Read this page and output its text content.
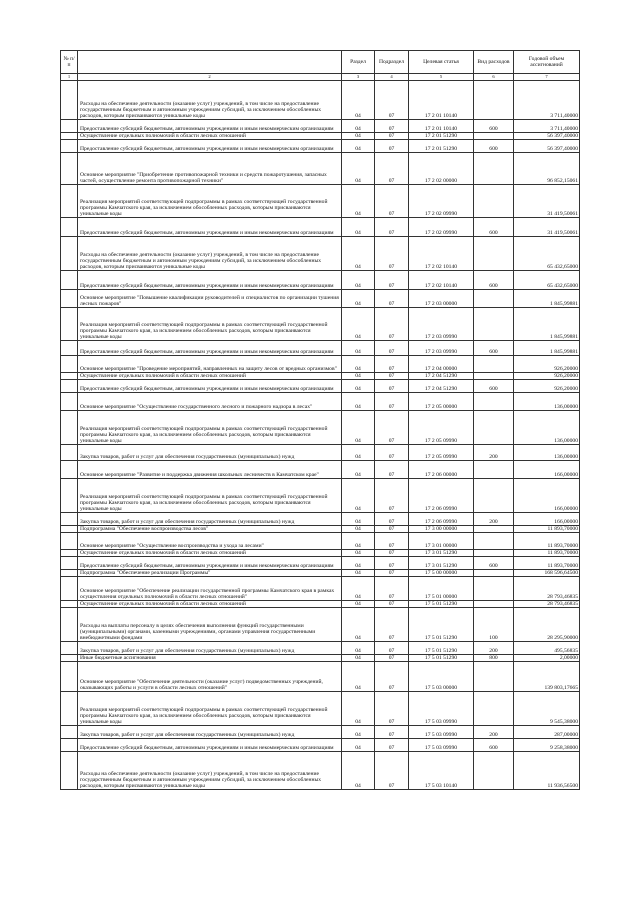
№ п/п		Раздел	Подраздел	Целевая статья	Вид расходов	Годовой объем ассигнований
1	2	3	4	5	6	7
	Расходы на обеспечение деятельности (оказание услуг) учреждений, в том числе на предоставление государственным бюджетным и автономным учреждениям субсидий, за исключением обособленных расходов, которым присваиваются уникальные коды	04	07	17 2 01 10140		3 711,40000
	Предоставление субсидий бюджетным, автономным учреждениям и иным некоммерческим организациям	04	07	17 2 01 10140	600	3 711,40000
	Осуществление отдельных полномочий в области лесных отношений	04	07	17 2 01 51290		56 397,40000
	Предоставление субсидий бюджетным, автономным учреждениям и иным некоммерческим организациям	04	07	17 2 01 51290	600	56 397,40000
	Основное мероприятие "Приобретение противопожарной техники и средств пожаротушения, запасных частей, осуществление ремонта противопожарной техники"	04	07	17 2 02 00000		96 852,15061
	Реализация мероприятий соответствующей подпрограммы в рамках соответствующей государственной программы Камчатского края, за исключением обособленных расходов, которым присваиваются уникальные коды	04	07	17 2 02 09990		31 419,50061
	Предоставление субсидий бюджетным, автономным учреждениям и иным некоммерческим организациям	04	07	17 2 02 09990	600	31 419,50061
	Расходы на обеспечение деятельности (оказание услуг) учреждений, в том числе на предоставление государственным бюджетным и автономным учреждениям субсидий, за исключением обособленных расходов, которым присваиваются уникальные коды	04	07	17 2 02 10140		65 432,65000
	Предоставление субсидий бюджетным, автономным учреждениям и иным некоммерческим организациям	04	07	17 2 02 10140	600	65 432,65000
	Основное мероприятие "Повышение квалификации руководителей и специалистов по организации тушения лесных пожаров"	04	07	17 2 03 00000		1 845,99881
	Реализация мероприятий соответствующей подпрограммы в рамках соответствующей государственной программы Камчатского края, за исключением обособленных расходов, которым присваиваются уникальные коды	04	07	17 2 03 09990		1 845,99881
	Предоставление субсидий бюджетным, автономным учреждениям и иным некоммерческим организациям	04	07	17 2 03 09990	600	1 845,99881
	Основное мероприятие "Проведение мероприятий, направленных на защиту лесов от вредных организмов"	04	07	17 2 04 00000		926,20000
	Осуществление отдельных полномочий в области лесных отношений	04	07	17 2 04 51290		926,20000
	Предоставление субсидий бюджетным, автономным учреждениям и иным некоммерческим организациям	04	07	17 2 04 51290	600	926,20000
	Основное мероприятие "Осуществление государственного лесного и пожарного надзора в лесах"	04	07	17 2 05 00000		136,00000
	Реализация мероприятий соответствующей подпрограммы в рамках соответствующей государственной программы Камчатского края, за исключением обособленных расходов, которым присваиваются уникальные коды	04	07	17 2 05 09990		136,00000
	Закупка товаров, работ и услуг для обеспечения государственных (муниципальных) нужд	04	07	17 2 05 09990	200	136,00000
	Основное мероприятие "Развитие и поддержка движения школьных лесничеств в Камчатском крае"	04	07	17 2 06 00000		166,00000
	Реализация мероприятий соответствующей подпрограммы в рамках соответствующей государственной программы Камчатского края, за исключением обособленных расходов, которым присваиваются уникальные коды	04	07	17 2 06 09990		166,00000
	Закупка товаров, работ и услуг для обеспечения государственных (муниципальных) нужд	04	07	17 2 06 09990	200	166,00000
	Подпрограмма "Обеспечение воспроизводства лесов"	04	07	17 3 00 00000		11 893,70000
	Основное мероприятие "Осуществление воспроизводства и ухода за лесами"	04	07	17 3 01 00000		11 893,70000
	Осуществление отдельных полномочий в области лесных отношений	04	07	17 3 01 51290		11 893,70000
	Предоставление субсидий бюджетным, автономным учреждениям и иным некоммерческим организациям	04	07	17 3 01 51290	600	11 893,70000
	Подпрограмма "Обеспечение реализации Программы"	04	07	17 5 00 00000		168 596,64500
	Основное мероприятие "Обеспечение реализации государственной программы Камчатского края в рамках осуществления отдельных полномочий в области лесных отношений"	04	07	17 5 01 00000		28 793,46835
	Осуществление отдельных полномочий в области лесных отношений	04	07	17 5 01 51290		28 793,46835
	Расходы на выплаты персоналу в целях обеспечения выполнения функций государственными (муниципальными) органами, казенными учреждениями, органами управления государственными внебюджетными фондами	04	07	17 5 01 51290	100	28 295,90000
	Закупка товаров, работ и услуг для обеспечения государственных (муниципальных) нужд	04	07	17 5 01 51290	200	495,56835
	Иные бюджетные ассигнования	04	07	17 5 01 51290	800	2,00000
	Основное мероприятие "Обеспечение деятельности (оказание услуг) подведомственных учреждений, оказывающих работы и услуги в области лесных отношений"	04	07	17 5 03 00000		139 803,17665
	Реализация мероприятий соответствующей подпрограммы в рамках соответствующей государственной программы Камчатского края, за исключением обособленных расходов, которым присваиваются уникальные коды	04	07	17 5 03 09990		9 545,38000
	Закупка товаров, работ и услуг для обеспечения государственных (муниципальных) нужд	04	07	17 5 03 09990	200	287,00000
	Предоставление субсидий бюджетным, автономным учреждениям и иным некоммерческим организациям	04	07	17 5 03 09990	600	9 258,38000
	Расходы на обеспечение деятельности (оказание услуг) учреждений, в том числе на предоставление государственным бюджетным и автономным учреждениям субсидий, за исключением обособленных расходов, которым присваиваются уникальные коды	04	07	17 5 03 10140		11 936,56500
